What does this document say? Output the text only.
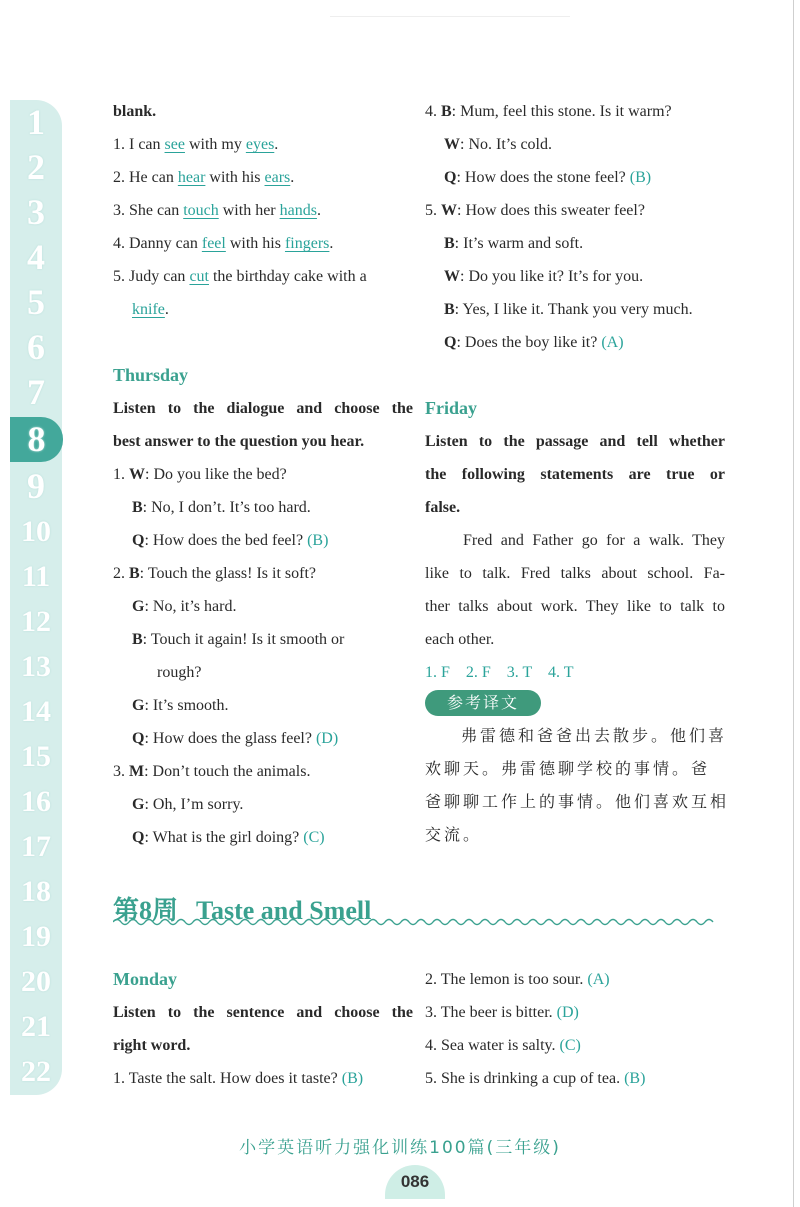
1
2
3
4
5
6
7
8
9
10
11
12
13
14
15
16
17
18
19
20
21
22
blank.
1. I can see with my eyes.
2. He can hear with his ears.
3. She can touch with her hands.
4. Danny can feel with his fingers.
5. Judy can cut the birthday cake with a
knife.
Thursday
Listen to the dialogue and choose the
best answer to the question you hear.
1. W: Do you like the bed?
B: No, I don’t. It’s too hard.
Q: How does the bed feel? (B)
2. B: Touch the glass! Is it soft?
G: No, it’s hard.
B: Touch it again! Is it smooth or
rough?
G: It’s smooth.
Q: How does the glass feel? (D)
3. M: Don’t touch the animals.
G: Oh, I’m sorry.
Q: What is the girl doing? (C)
4. B: Mum, feel this stone. Is it warm?
W: No. It’s cold.
Q: How does the stone feel? (B)
5. W: How does this sweater feel?
B: It’s warm and soft.
W: Do you like it? It’s for you.
B: Yes, I like it. Thank you very much.
Q: Does the boy like it? (A)
Friday
Listen to the passage and tell whether
the following statements are true or
false.
Fred and Father go for a walk. They
like to talk. Fred talks about school. Fa-
ther talks about work. They like to talk to
each other.
1. F    2. F    3. T    4. T
参考译文
弗雷德和爸爸出去散步。他们喜
欢聊天。弗雷德聊学校的事情。爸
爸聊聊工作上的事情。他们喜欢互相
交流。
第8周 Taste and Smell
Monday
Listen to the sentence and choose the
right word.
1. Taste the salt. How does it taste? (B)
2. The lemon is too sour. (A)
3. The beer is bitter. (D)
4. Sea water is salty. (C)
5. She is drinking a cup of tea. (B)
小学英语听力强化训练100篇(三年级)
086
